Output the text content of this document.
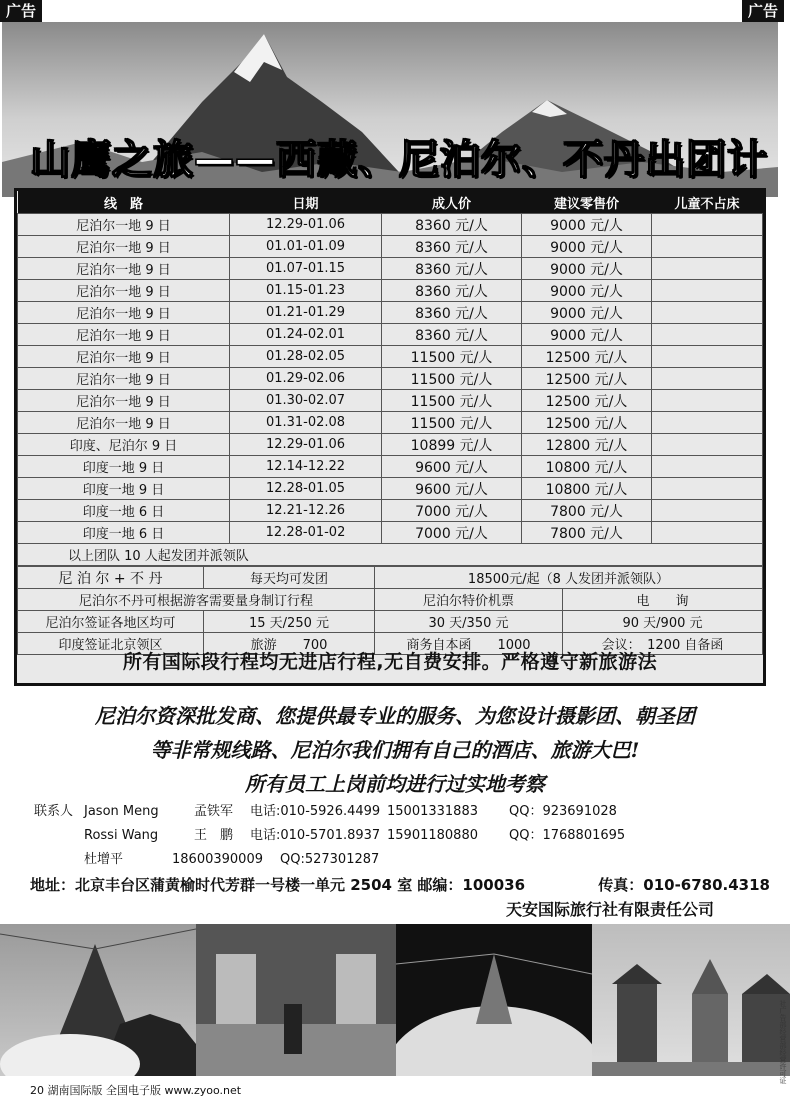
广告	广告
山鹰之旅——西藏、尼泊尔、不丹出团计
线　路	日期	成人价	建议零售价	儿童不占床
尼泊尔一地 9 日	12.29-01.06	8360 元/人	9000 元/人	
尼泊尔一地 9 日	01.01-01.09	8360 元/人	9000 元/人	
尼泊尔一地 9 日	01.07-01.15	8360 元/人	9000 元/人	
尼泊尔一地 9 日	01.15-01.23	8360 元/人	9000 元/人	
尼泊尔一地 9 日	01.21-01.29	8360 元/人	9000 元/人	
尼泊尔一地 9 日	01.24-02.01	8360 元/人	9000 元/人	
尼泊尔一地 9 日	01.28-02.05	11500 元/人	12500 元/人	
尼泊尔一地 9 日	01.29-02.06	11500 元/人	12500 元/人	
尼泊尔一地 9 日	01.30-02.07	11500 元/人	12500 元/人	
尼泊尔一地 9 日	01.31-02.08	11500 元/人	12500 元/人	
印度、尼泊尔 9 日	12.29-01.06	10899 元/人	12800 元/人	
印度一地 9 日	12.14-12.22	9600 元/人	10800 元/人	
印度一地 9 日	12.28-01.05	9600 元/人	10800 元/人	
印度一地 6 日	12.21-12.26	7000 元/人	7800 元/人	
印度一地 6 日	12.28-01-02	7000 元/人	7800 元/人	
以上团队 10 人起发团并派领队				
尼 泊 尔 + 不 丹	每天均可发团	18500元/起（8 人发团并派领队）	
尼泊尔不丹可根据游客需要量身制订行程		尼泊尔特价机票	电　　询
尼泊尔签证各地区均可	15 天/250 元	30 天/350 元	90 天/900 元
印度签证北京领区	旅游　　700	商务自本函　　1000	会议：　1200 自备函
所有国际段行程均无进店行程,无自费安排。严格遵守新旅游法
尼泊尔资深批发商、您提供最专业的服务、为您设计摄影团、朝圣团
等非常规线路、尼泊尔我们拥有自己的酒店、旅游大巴!
所有员工上岗前均进行过实地考察
联系人 Jason Meng	孟铁军 电话:010-5926.4499 15001331883 QQ：923691028
Rossi Wang	王　鹏 电话:010-5701.8937 15901180880 QQ：1768801695
杜增平	18600390009 QQ:527301287
地址：北京丰台区蒲黄榆时代芳群一号楼一单元 2504 室 邮编：100036	传真：010-6780.4318
天安国际旅行社有限责任公司
20 湖南国际版 全国电子版 www.zyoo.net
社广告部经营部经营许可证
